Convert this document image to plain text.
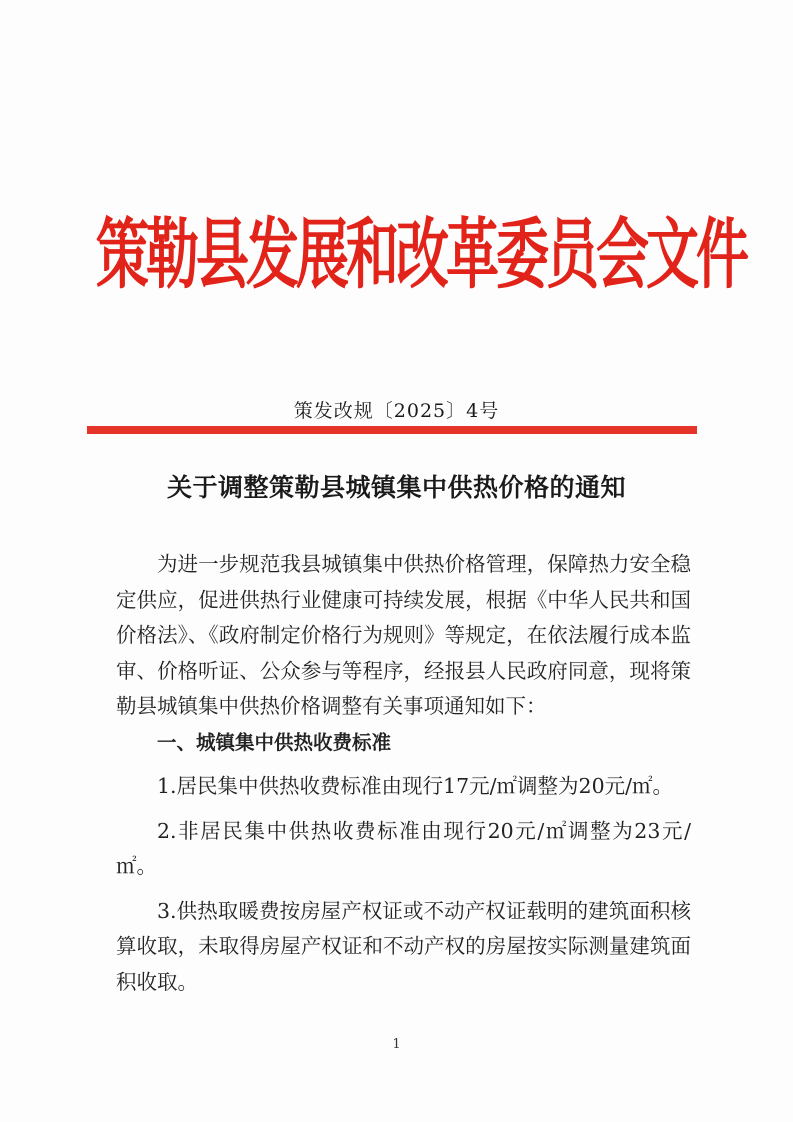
策勒县发展和改革委员会文件
策发改规〔2025〕4号
关于调整策勒县城镇集中供热价格的通知

为进一步规范我县城镇集中供热价格管理，保障热力安全稳定供应，促进供热行业健康可持续发展，根据《中华人民共和国价格法》、《政府制定价格行为规则》等规定，在依法履行成本监审、价格听证、公众参与等程序，经报县人民政府同意，现将策勒县城镇集中供热价格调整有关事项通知如下：

一、城镇集中供热收费标准

1.居民集中供热收费标准由现行17元/㎡调整为20元/㎡。

2.非居民集中供热收费标准由现行20元/㎡调整为23元/㎡。

3.供热取暖费按房屋产权证或不动产权证载明的建筑面积核算收取，未取得房屋产权证和不动产权的房屋按实际测量建筑面积收取。

1
